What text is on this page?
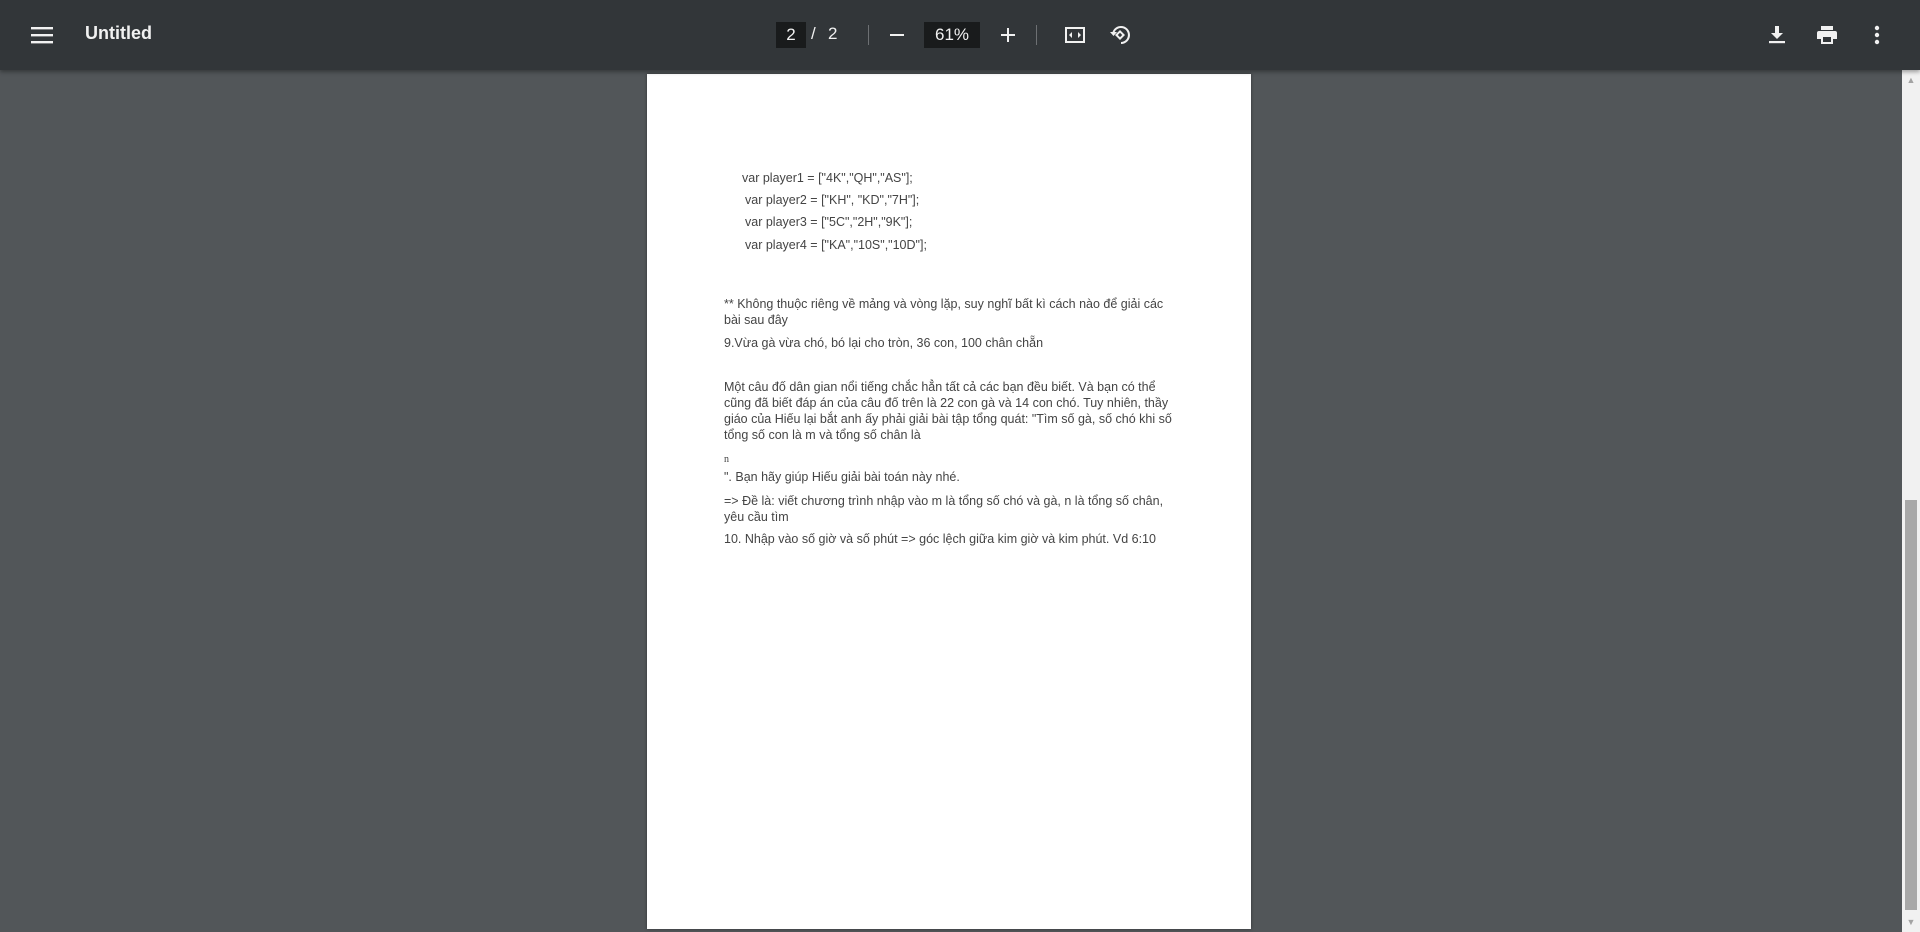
Untitled	2 / 2	61%
var player1 = ["4K","QH","AS"];
var player2 = ["KH", "KD","7H"];
var player3 = ["5C","2H","9K"];
var player4 = ["KA","10S","10D"];
** Không thuộc riêng về mảng và vòng lặp, suy nghĩ bất kì cách nào để giải các bài sau đây
9.Vừa gà vừa chó, bó lại cho tròn, 36 con, 100 chân chẵn
Một câu đố dân gian nổi tiếng chắc hẳn tất cả các bạn đều biết. Và bạn có thể cũng đã biết đáp án của câu đố trên là 22 con gà và 14 con chó. Tuy nhiên, thầy giáo của Hiếu lại bắt anh ấy phải giải bài tập tổng quát: "Tìm số gà, số chó khi số tổng số con là m và tổng số chân là
n
". Bạn hãy giúp Hiếu giải bài toán này nhé.
=> Đề là: viết chương trình nhập vào m là tổng số chó và gà, n là tổng số chân, yêu cầu tìm
10. Nhập vào số giờ và số phút => góc lệch giữa kim giờ và kim phút. Vd 6:10
▲
▼
